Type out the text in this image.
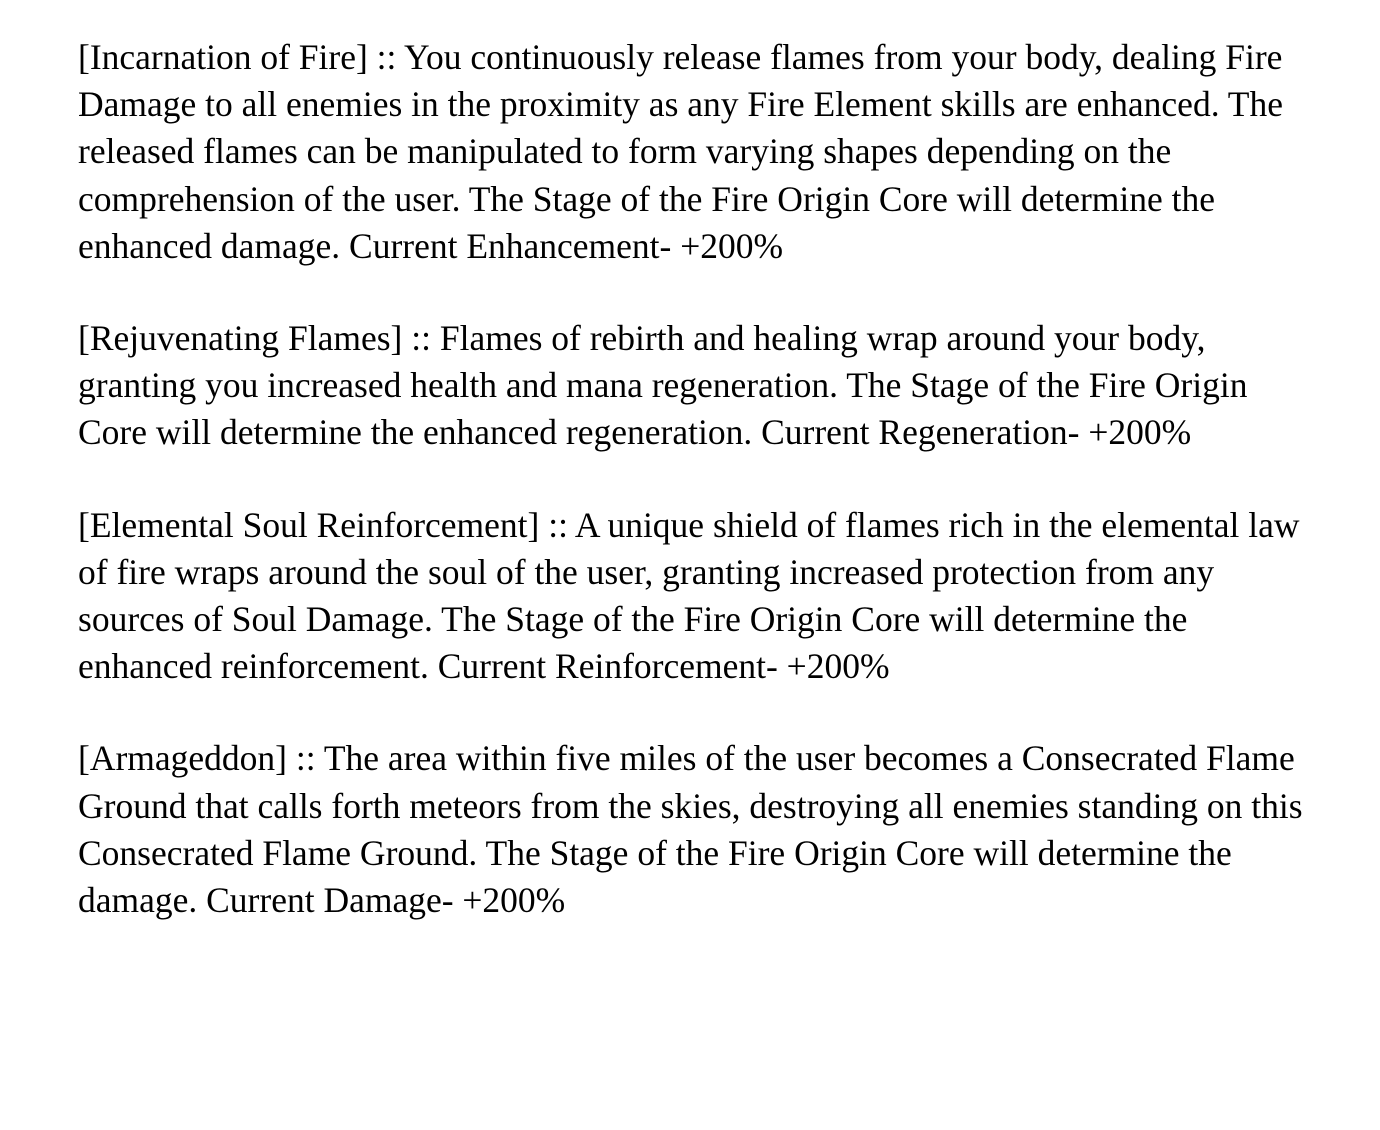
[Incarnation of Fire] :: You continuously release flames from your body, dealing Fire Damage to all enemies in the proximity as any Fire Element skills are enhanced. The released flames can be manipulated to form varying shapes depending on the comprehension of the user. The Stage of the Fire Origin Core will determine the enhanced damage. Current Enhancement- +200%

[Rejuvenating Flames] :: Flames of rebirth and healing wrap around your body, granting you increased health and mana regeneration. The Stage of the Fire Origin Core will determine the enhanced regeneration. Current Regeneration- +200%

[Elemental Soul Reinforcement] :: A unique shield of flames rich in the elemental law of fire wraps around the soul of the user, granting increased protection from any sources of Soul Damage. The Stage of the Fire Origin Core will determine the enhanced reinforcement. Current Reinforcement- +200%

[Armageddon] :: The area within five miles of the user becomes a Consecrated Flame Ground that calls forth meteors from the skies, destroying all enemies standing on this Consecrated Flame Ground. The Stage of the Fire Origin Core will determine the damage. Current Damage- +200%
